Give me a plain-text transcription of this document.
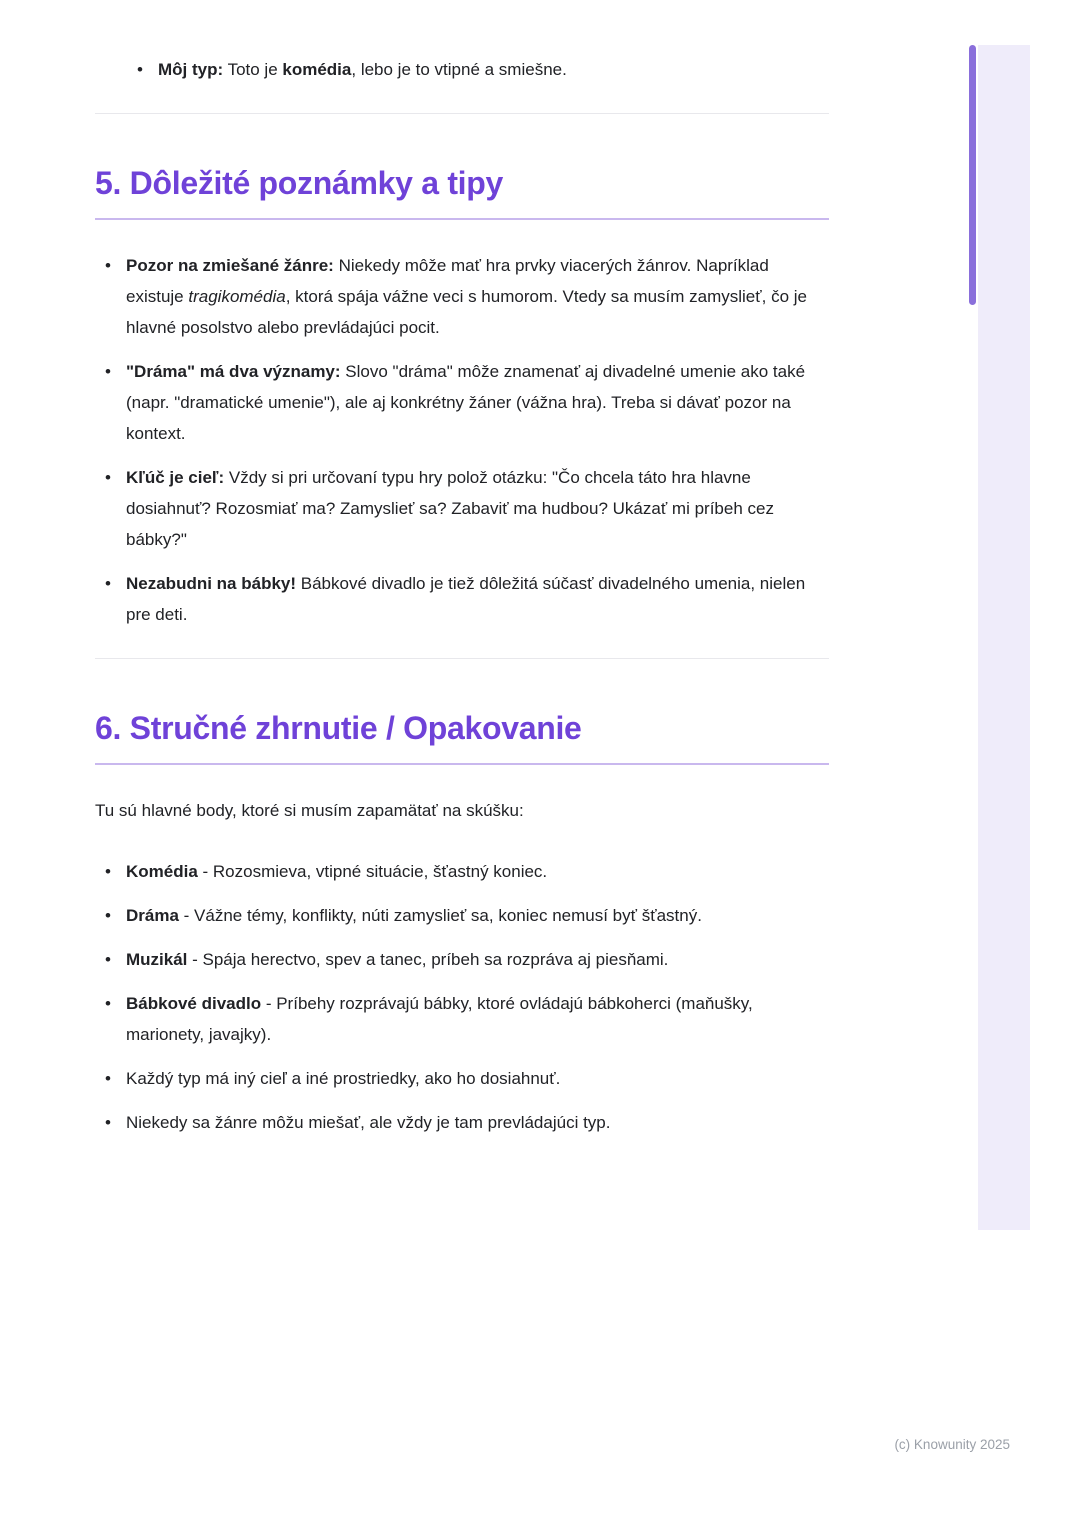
• Môj typ: Toto je komédia, lebo je to vtipné a smiešne.
5. Dôležité poznámky a tipy
• Pozor na zmiešané žánre: Niekedy môže mať hra prvky viacerých žánrov. Napríklad existuje tragikomédia, ktorá spája vážne veci s humorom. Vtedy sa musím zamyslieť, čo je hlavné posolstvo alebo prevládajúci pocit.
• "Dráma" má dva významy: Slovo "dráma" môže znamenať aj divadelné umenie ako také (napr. "dramatické umenie"), ale aj konkrétny žáner (vážna hra). Treba si dávať pozor na kontext.
• Kľúč je cieľ: Vždy si pri určovaní typu hry polož otázku: "Čo chcela táto hra hlavne dosiahnuť? Rozosmiať ma? Zamyslieť sa? Zabaviť ma hudbou? Ukázať mi príbeh cez bábky?"
• Nezabudni na bábky! Bábkové divadlo je tiež dôležitá súčasť divadelného umenia, nielen pre deti.
6. Stručné zhrnutie / Opakovanie

Tu sú hlavné body, ktoré si musím zapamätať na skúšku:

• Komédia - Rozosmieva, vtipné situácie, šťastný koniec.
• Dráma - Vážne témy, konflikty, núti zamyslieť sa, koniec nemusí byť šťastný.
• Muzikál - Spája herectvo, spev a tanec, príbeh sa rozpráva aj piesňami.
• Bábkové divadlo - Príbehy rozprávajú bábky, ktoré ovládajú bábkoherci (maňušky, marionety, javajky).
• Každý typ má iný cieľ a iné prostriedky, ako ho dosiahnuť.
• Niekedy sa žánre môžu miešať, ale vždy je tam prevládajúci typ.
(c) Knowunity 2025
